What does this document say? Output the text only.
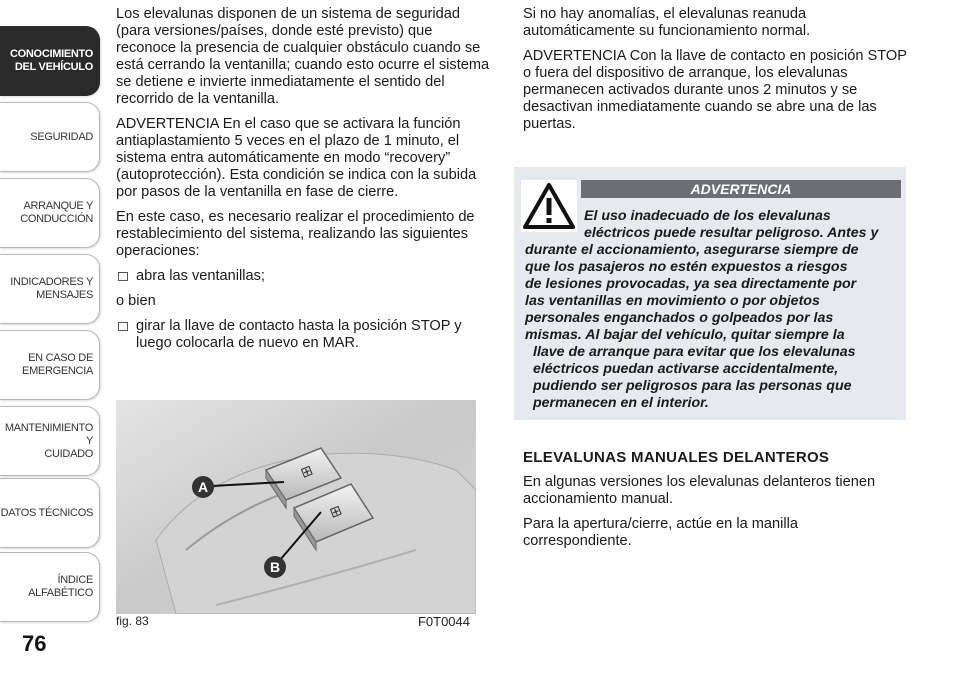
CONOCIMIENTO
DEL VEHÍCULO
SEGURIDAD
ARRANQUE Y
CONDUCCIÓN
INDICADORES Y
MENSAJES
EN CASO DE
EMERGENCIA
MANTENIMIENTO Y
CUIDADO
DATOS TÉCNICOS
ÍNDICE ALFABÉTICO
76

Los elevalunas disponen de un sistema de seguridad (para versiones/países, donde esté previsto) que reconoce la presencia de cualquier obstáculo cuando se está cerrando la ventanilla; cuando esto ocurre el sistema se detiene e invierte inmediatamente el sentido del recorrido de la ventanilla.

ADVERTENCIA En el caso que se activara la función antiaplastamiento 5 veces en el plazo de 1 minuto, el sistema entra automáticamente en modo “recovery” (autoprotección). Esta condición se indica con la subida por pasos de la ventanilla en fase de cierre.

En este caso, es necesario realizar el procedimiento de restablecimiento del sistema, realizando las siguientes operaciones:

abra las ventanillas;

o bien

girar la llave de contacto hasta la posición STOP y luego colocarla de nuevo en MAR.
⊞
⊞
A
B
fig. 83	F0T0044

Si no hay anomalías, el elevalunas reanuda automáticamente su funcionamiento normal.

ADVERTENCIA Con la llave de contacto en posición STOP o fuera del dispositivo de arranque, los elevalunas permanecen activados durante unos 2 minutos y se desactivan inmediatamente cuando se abre una de las puertas.

ADVERTENCIA
El uso inadecuado de los elevalunas
eléctricos puede resultar peligroso. Antes y
durante el accionamiento, asegurarse siempre de
que los pasajeros no estén expuestos a riesgos
de lesiones provocadas, ya sea directamente por
las ventanillas en movimiento o por objetos
personales enganchados o golpeados por las
mismas. Al bajar del vehículo, quitar siempre la
llave de arranque para evitar que los elevalunas
eléctricos puedan activarse accidentalmente,
pudiendo ser peligrosos para las personas que
permanecen en el interior.
ELEVALUNAS MANUALES DELANTEROS

En algunas versiones los elevalunas delanteros tienen accionamiento manual.

Para la apertura/cierre, actúe en la manilla correspondiente.
